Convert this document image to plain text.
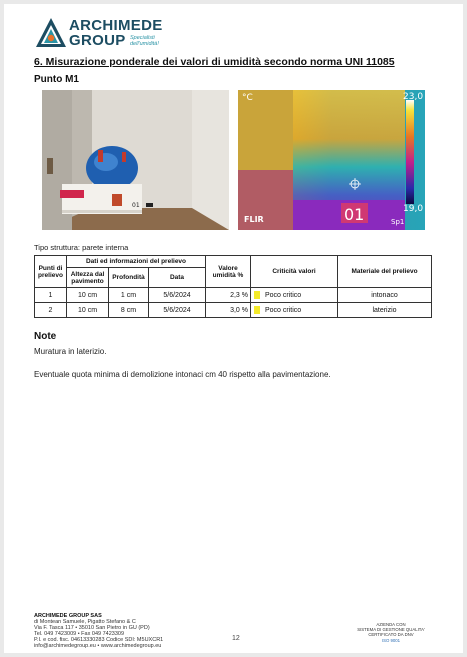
ARCHIMEDE
GROUP Specialisti
dell'umidità!
6. Misurazione ponderale dei valori di umidità secondo norma UNI 11085
Punto M1
01	01
°C	23,0
19,0
FLIR	Sp1
Tipo struttura: parete interna
Punti di prelievo	Dati ed informazioni del prelievo			Valore umidità %	Criticità valori	Materiale del prelievo
	Altezza dal pavimento	Profondità	Data			
1	10 cm	1 cm	5/6/2024	2,3 %	Poco critico	intonaco
2	10 cm	8 cm	5/6/2024	3,0 %	Poco critico	laterizio
Note
Muratura in laterizio.
Eventuale quota minima di demolizione intonaci cm 40 rispetto alla pavimentazione.
ARCHIMEDE GROUP SAS
di Montean Samuele, Pigatto Stefano & C
Via F. Tasca 117 • 35010 San Pietro in GU (PD)
Tel. 049 7423009 • Fax 049 7423309
P.I. e cod. fisc. 04613330283 Codice SDI: M5UXCR1
info@archimedegroup.eu • www.archimedegroup.eu
12
AZIENDA CON
SISTEMA DI GESTIONE QUALITA'
CERTIFICATO DA DNV
ISO 9001
